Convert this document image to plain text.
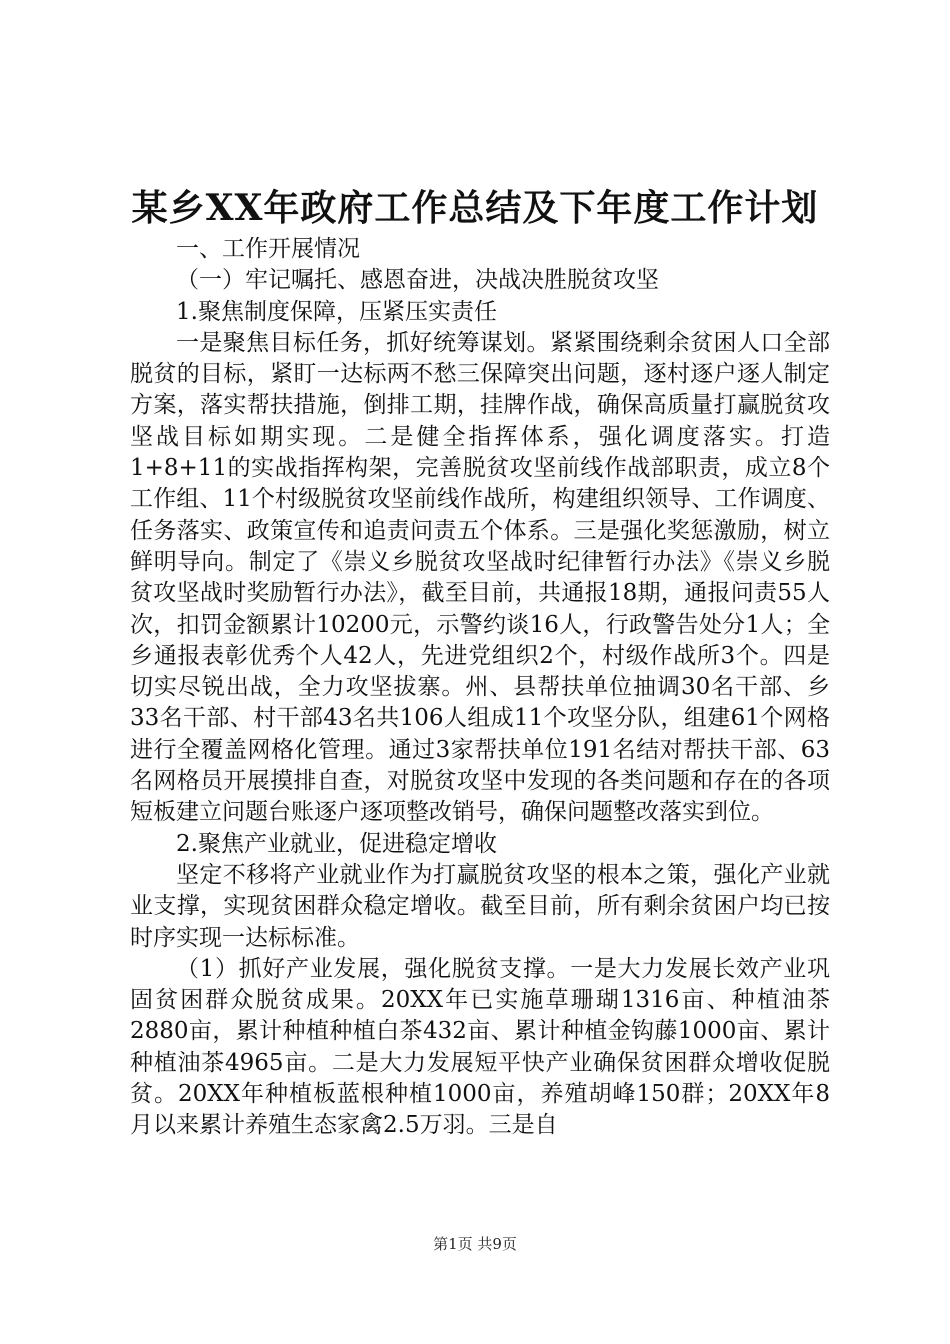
某乡XX年政府工作总结及下年度工作计划

一、工作开展情况

（一）牢记嘱托、感恩奋进，决战决胜脱贫攻坚

1.聚焦制度保障，压紧压实责任

一是聚焦目标任务，抓好统筹谋划。紧紧围绕剩余贫困人口全部脱贫的目标，紧盯一达标两不愁三保障突出问题，逐村逐户逐人制定方案，落实帮扶措施，倒排工期，挂牌作战，确保高质量打赢脱贫攻坚战目标如期实现。二是健全指挥体系，强化调度落实。打造1+8+11的实战指挥构架，完善脱贫攻坚前线作战部职责，成立8个工作组、11个村级脱贫攻坚前线作战所，构建组织领导、工作调度、任务落实、政策宣传和追责问责五个体系。三是强化奖惩激励，树立鲜明导向。制定了《崇义乡脱贫攻坚战时纪律暂行办法》《崇义乡脱贫攻坚战时奖励暂行办法》，截至目前，共通报18期，通报问责55人次，扣罚金额累计10200元，示警约谈16人，行政警告处分1人；全乡通报表彰优秀个人42人，先进党组织2个，村级作战所3个。四是切实尽锐出战，全力攻坚拔寨。州、县帮扶单位抽调30名干部、乡33名干部、村干部43名共106人组成11个攻坚分队，组建61个网格进行全覆盖网格化管理。通过3家帮扶单位191名结对帮扶干部、63名网格员开展摸排自查，对脱贫攻坚中发现的各类问题和存在的各项短板建立问题台账逐户逐项整改销号，确保问题整改落实到位。

2.聚焦产业就业，促进稳定增收

坚定不移将产业就业作为打赢脱贫攻坚的根本之策，强化产业就业支撑，实现贫困群众稳定增收。截至目前，所有剩余贫困户均已按时序实现一达标标准。

（1）抓好产业发展，强化脱贫支撑。一是大力发展长效产业巩固贫困群众脱贫成果。20XX年已实施草珊瑚1316亩、种植油茶2880亩，累计种植种植白茶432亩、累计种植金钩藤1000亩、累计种植油茶4965亩。二是大力发展短平快产业确保贫困群众增收促脱贫。20XX年种植板蓝根种植1000亩，养殖胡峰150群；20XX年8月以来累计养殖生态家禽2.5万羽。三是自

第1页 共9页
